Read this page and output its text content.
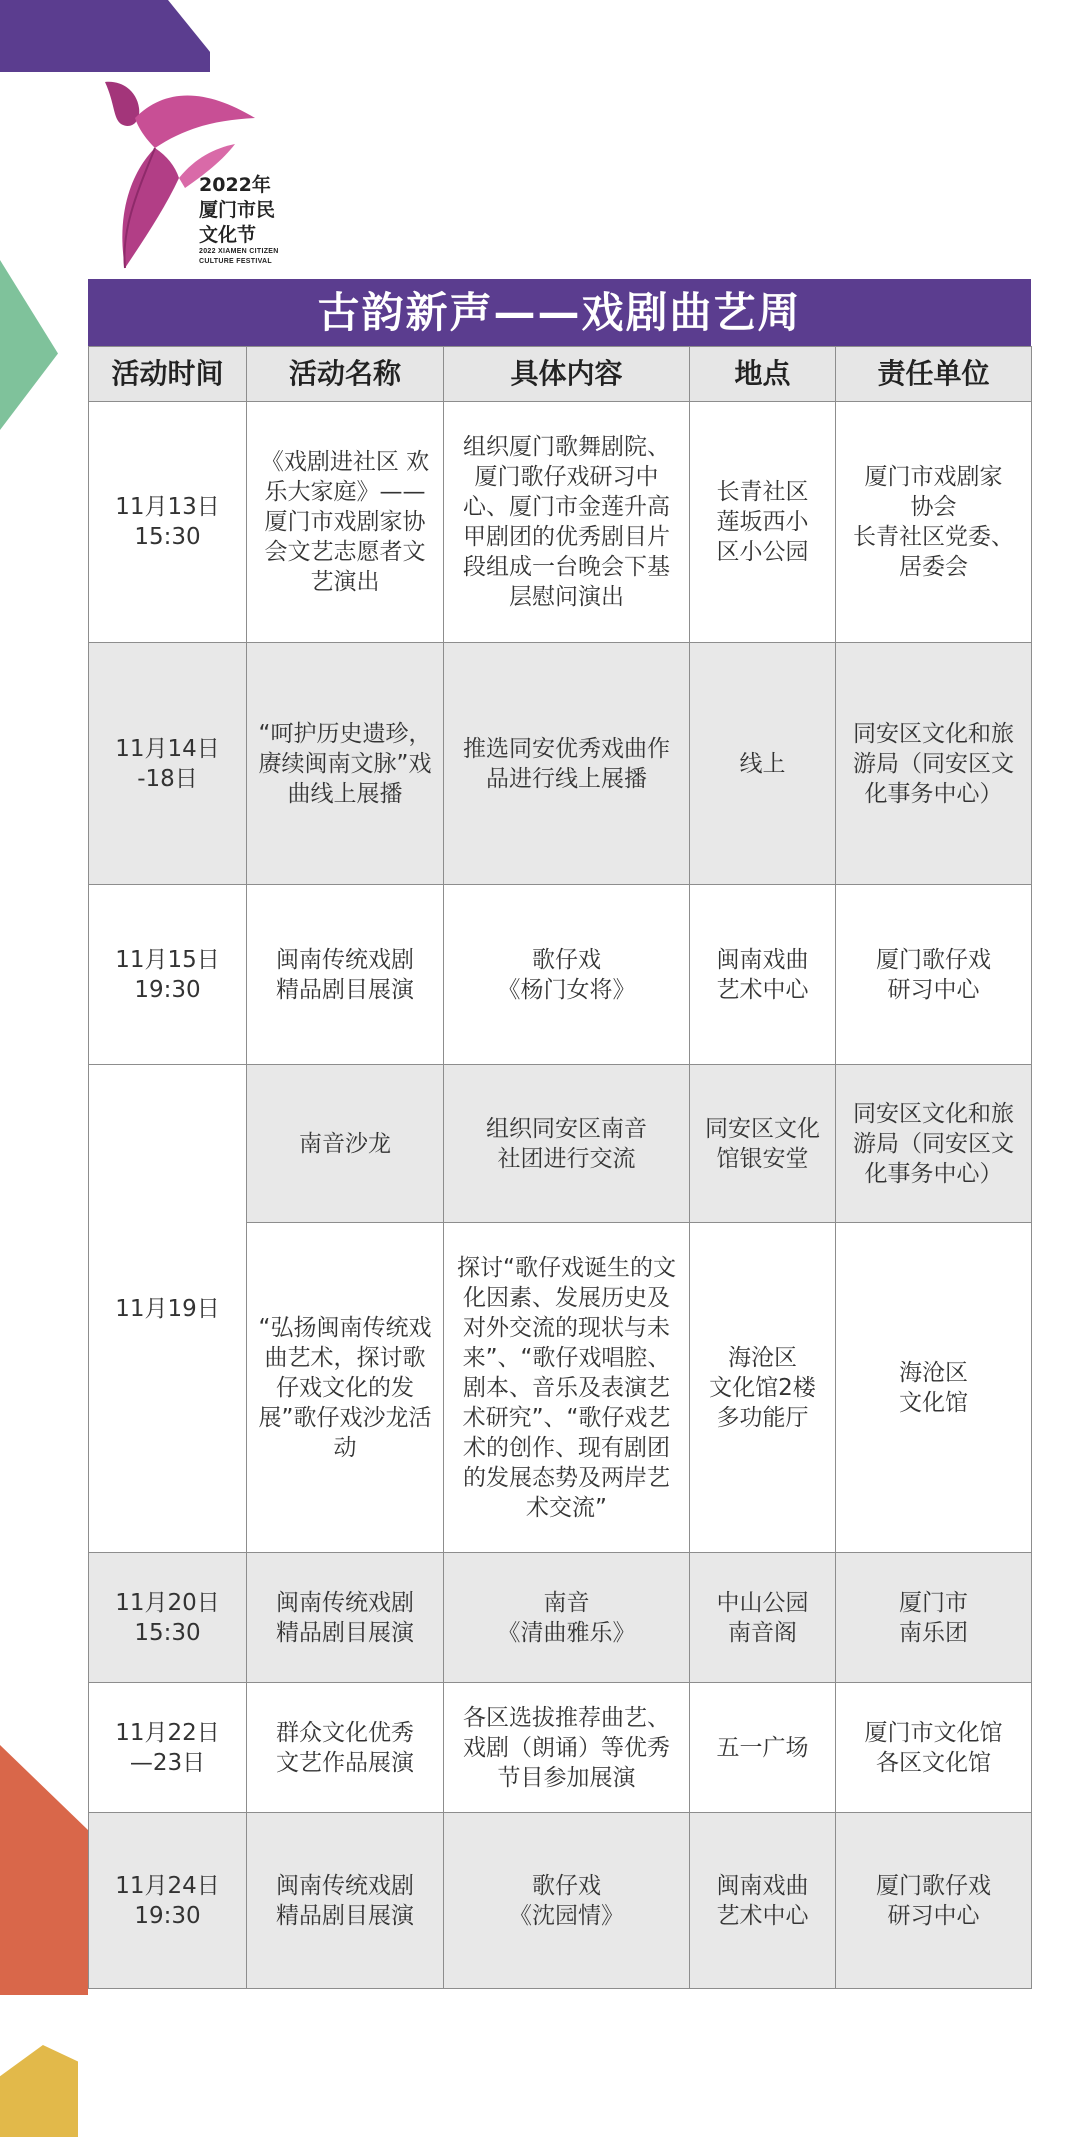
2022年
厦门市民
文化节
2022 XIAMEN CITIZEN
CULTURE FESTIVAL
古韵新声——戏剧曲艺周
活动时间	活动名称	具体内容	地点	责任单位

11月13日
15:30	《戏剧进社区 欢乐大家庭》——厦门市戏剧家协会文艺志愿者文艺演出	组织厦门歌舞剧院、厦门歌仔戏研习中心、厦门市金莲升高甲剧团的优秀剧目片段组成一台晚会下基层慰问演出	长青社区
莲坂西小
区小公园	厦门市戏剧家
协会
长青社区党委、
居委会

11月14日
-18日	“呵护历史遗珍，赓续闽南文脉”戏曲线上展播	推选同安优秀戏曲作品进行线上展播	线上	同安区文化和旅游局（同安区文化事务中心）

11月15日
19:30	闽南传统戏剧
精品剧目展演	歌仔戏
《杨门女将》	闽南戏曲
艺术中心	厦门歌仔戏
研习中心

11月19日	南音沙龙	组织同安区南音
社团进行交流	同安区文化
馆银安堂	同安区文化和旅游局（同安区文化事务中心）
	“弘扬闽南传统戏曲艺术，探讨歌仔戏文化的发展”歌仔戏沙龙活动	探讨“歌仔戏诞生的文化因素、发展历史及对外交流的现状与未来”、“歌仔戏唱腔、剧本、音乐及表演艺术研究”、“歌仔戏艺术的创作、现有剧团的发展态势及两岸艺术交流”	海沧区
文化馆2楼
多功能厅	海沧区
文化馆

11月20日
15:30	闽南传统戏剧
精品剧目展演	南音
《清曲雅乐》	中山公园
南音阁	厦门市
南乐团

11月22日
—23日	群众文化优秀
文艺作品展演	各区选拔推荐曲艺、戏剧（朗诵）等优秀节目参加展演	五一广场	厦门市文化馆
各区文化馆

11月24日
19:30	闽南传统戏剧
精品剧目展演	歌仔戏
《沈园情》	闽南戏曲
艺术中心	厦门歌仔戏
研习中心
